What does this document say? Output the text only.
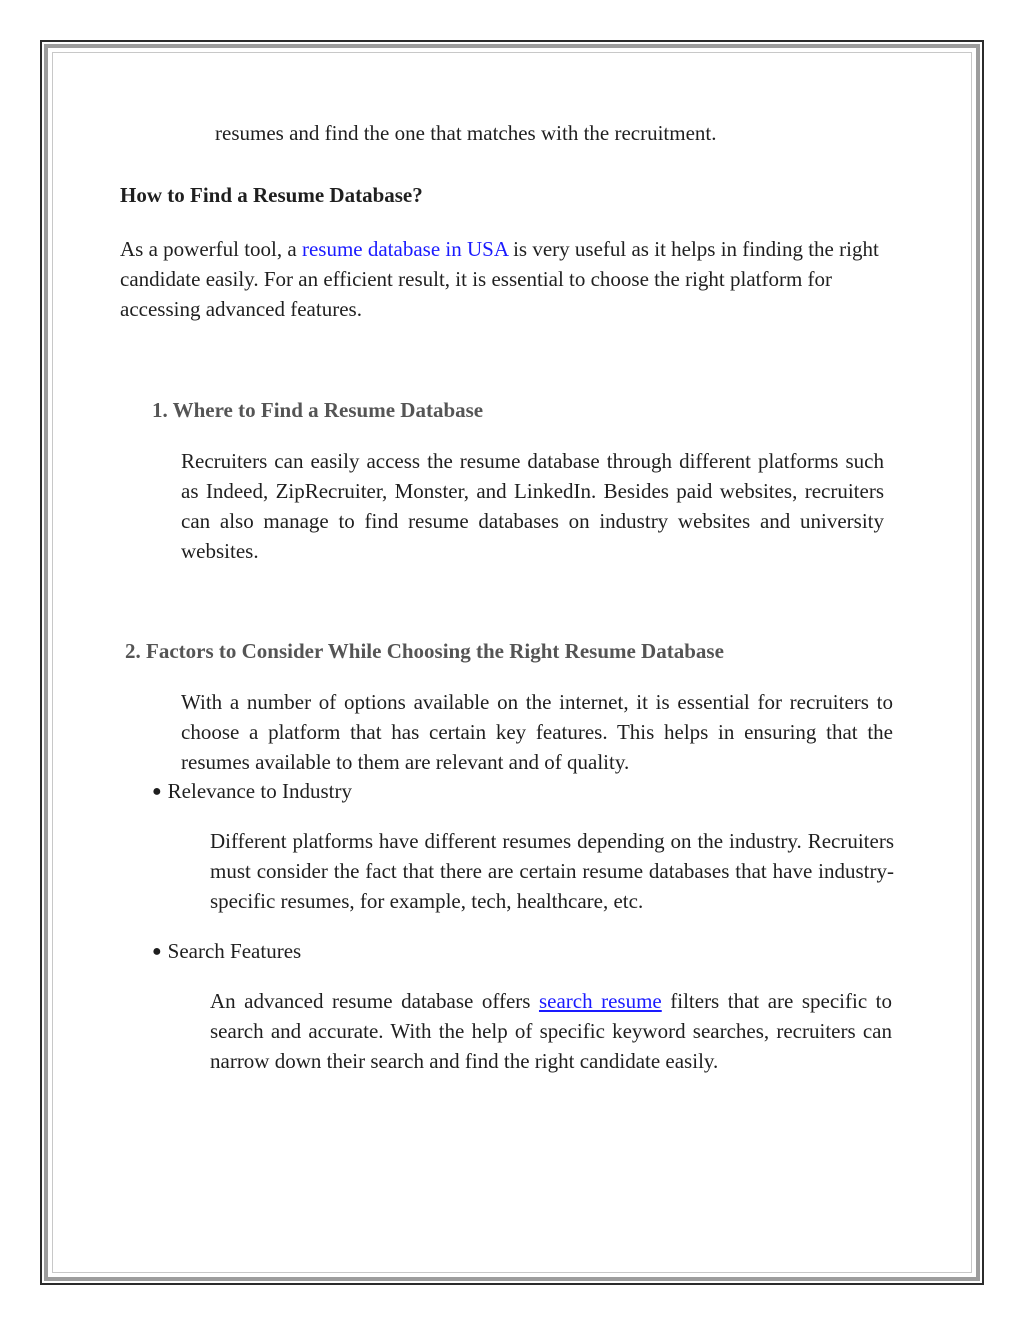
resumes and find the one that matches with the recruitment.

How to Find a Resume Database?

As a powerful tool, a resume database in USA is very useful as it helps in finding the right candidate easily. For an efficient result, it is essential to choose the right platform for accessing advanced features.

1. Where to Find a Resume Database

Recruiters can easily access the resume database through different platforms such as Indeed, ZipRecruiter, Monster, and LinkedIn. Besides paid websites, recruiters can also manage to find resume databases on industry websites and university websites.

2. Factors to Consider While Choosing the Right Resume Database

With a number of options available on the internet, it is essential for recruiters to choose a platform that has certain key features. This helps in ensuring that the resumes available to them are relevant and of quality.

● Relevance to Industry

Different platforms have different resumes depending on the industry. Recruiters must consider the fact that there are certain resume databases that have industry-specific resumes, for example, tech, healthcare, etc.

● Search Features

An advanced resume database offers search resume filters that are specific to search and accurate. With the help of specific keyword searches, recruiters can narrow down their search and find the right candidate easily.
